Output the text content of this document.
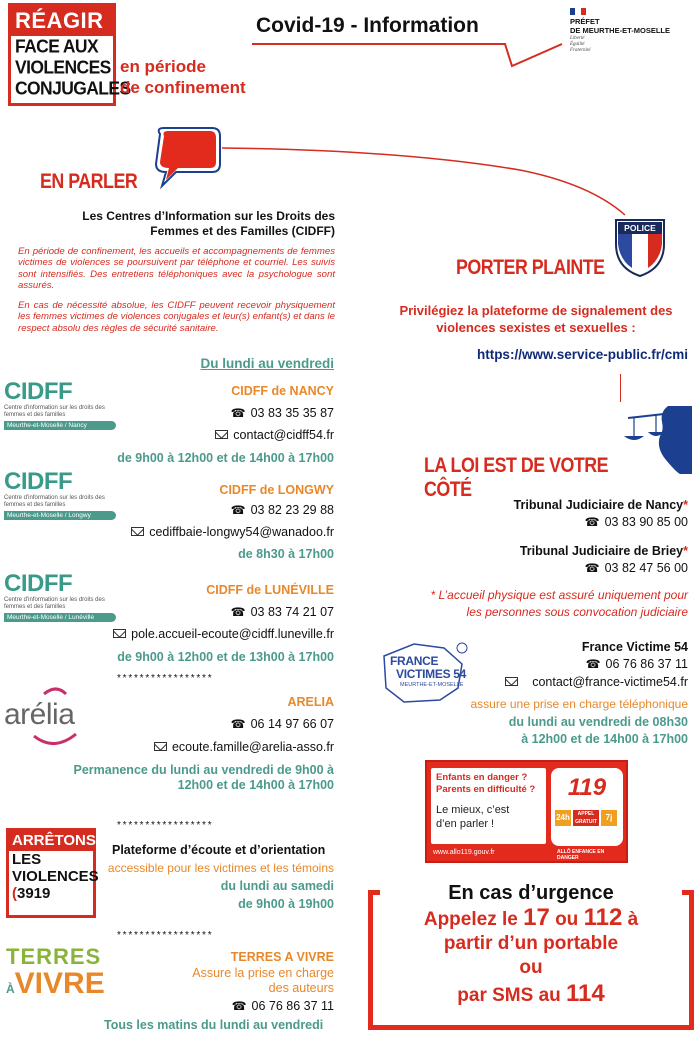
RÉAGIR
FACE AUX
VIOLENCES
CONJUGALES
en période
de confinement
Covid-19 - Information	PRÉFET
DE MEURTHE-ET-MOSELLE
Liberté
Égalité
Fraternité
EN PARLER
Les Centres d’Information sur les Droits des
Femmes et des Familles (CIDFF)
En période de confinement, les accueils et accompagnements de femmes victimes de violences se poursuivent par téléphone et courriel. Les suivis sont intensifiés. Des entretiens téléphoniques avec la psychologue sont assurés.
En cas de nécessité absolue, les CIDFF peuvent recevoir physiquement les femmes victimes de violences conjugales et leur(s) enfant(s) et dans le respect absolu des règles de sécurité sanitaire.
Du lundi au vendredi
CIDFF
Centre d'information sur les droits des femmes et des familles
Meurthe-et-Moselle / Nancy
CIDFF de NANCY
☎ 03 83 35 35 87
contact@cidff54.fr
de 9h00 à 12h00 et de 14h00 à 17h00
CIDFF
Centre d'information sur les droits des femmes et des familles
Meurthe-et-Moselle / Longwy
CIDFF de LONGWY
☎ 03 82 23 29 88
cediffbaie-longwy54@wanadoo.fr
de 8h30 à 17h00
CIDFF
Centre d'information sur les droits des femmes et des familles
Meurthe-et-Moselle / Lunéville
CIDFF de LUNÉVILLE
☎ 03 83 74 21 07
pole.accueil-ecoute@cidff.luneville.fr
de 9h00 à 12h00 et de 13h00 à 17h00
* * * * * * * * * * * * * * * * *
arélia	ARELIA
☎ 06 14 97 66 07
ecoute.famille@arelia-asso.fr
Permanence du lundi au vendredi de 9h00 à
12h00 et de 14h00 à 17h00
* * * * * * * * * * * * * * * * *
ARRÊTONS
LES
VIOLENCES
(3919
Plateforme d’écoute et d’orientation
accessible pour les victimes et les témoins
du lundi au samedi
de 9h00 à 19h00
* * * * * * * * * * * * * * * * *
TERRES
ÀVIVRE
TERRES A VIVRE
Assure la prise en charge
des auteurs
☎ 06 76 86 37 11
Tous les matins du lundi au vendredi
POLICE
PORTER PLAINTE
Privilégiez la plateforme de signalement des
violences sexistes et sexuelles :
https://www.service-public.fr/cmi
LA LOI EST DE VOTRE CÔTÉ
Tribunal Judiciaire de Nancy*
☎ 03 83 90 85 00
Tribunal Judiciaire de Briey*
☎ 03 82 47 56 00
* L’accueil physique est assuré uniquement pour
les personnes sous convocation judiciaire
FRANCE
VICTIMES 54
MEURTHE-ET-MOSELLE
France Victime 54
☎ 06 76 86 37 11
contact@france-victime54.fr
assure une prise en charge téléphonique
du lundi au vendredi de 08h30
à 12h00 et de 14h00 à 17h00
Enfants en danger ?
Parents en difficulté ?
Le mieux, c’est
d’en parler !
119
24h	APPEL GRATUIT	7j
www.allo119.gouv.fr	ALLÔ ENFANCE EN DANGER
En cas d’urgence
Appelez le 17 ou 112 à
partir d’un portable
ou
par SMS au 114
